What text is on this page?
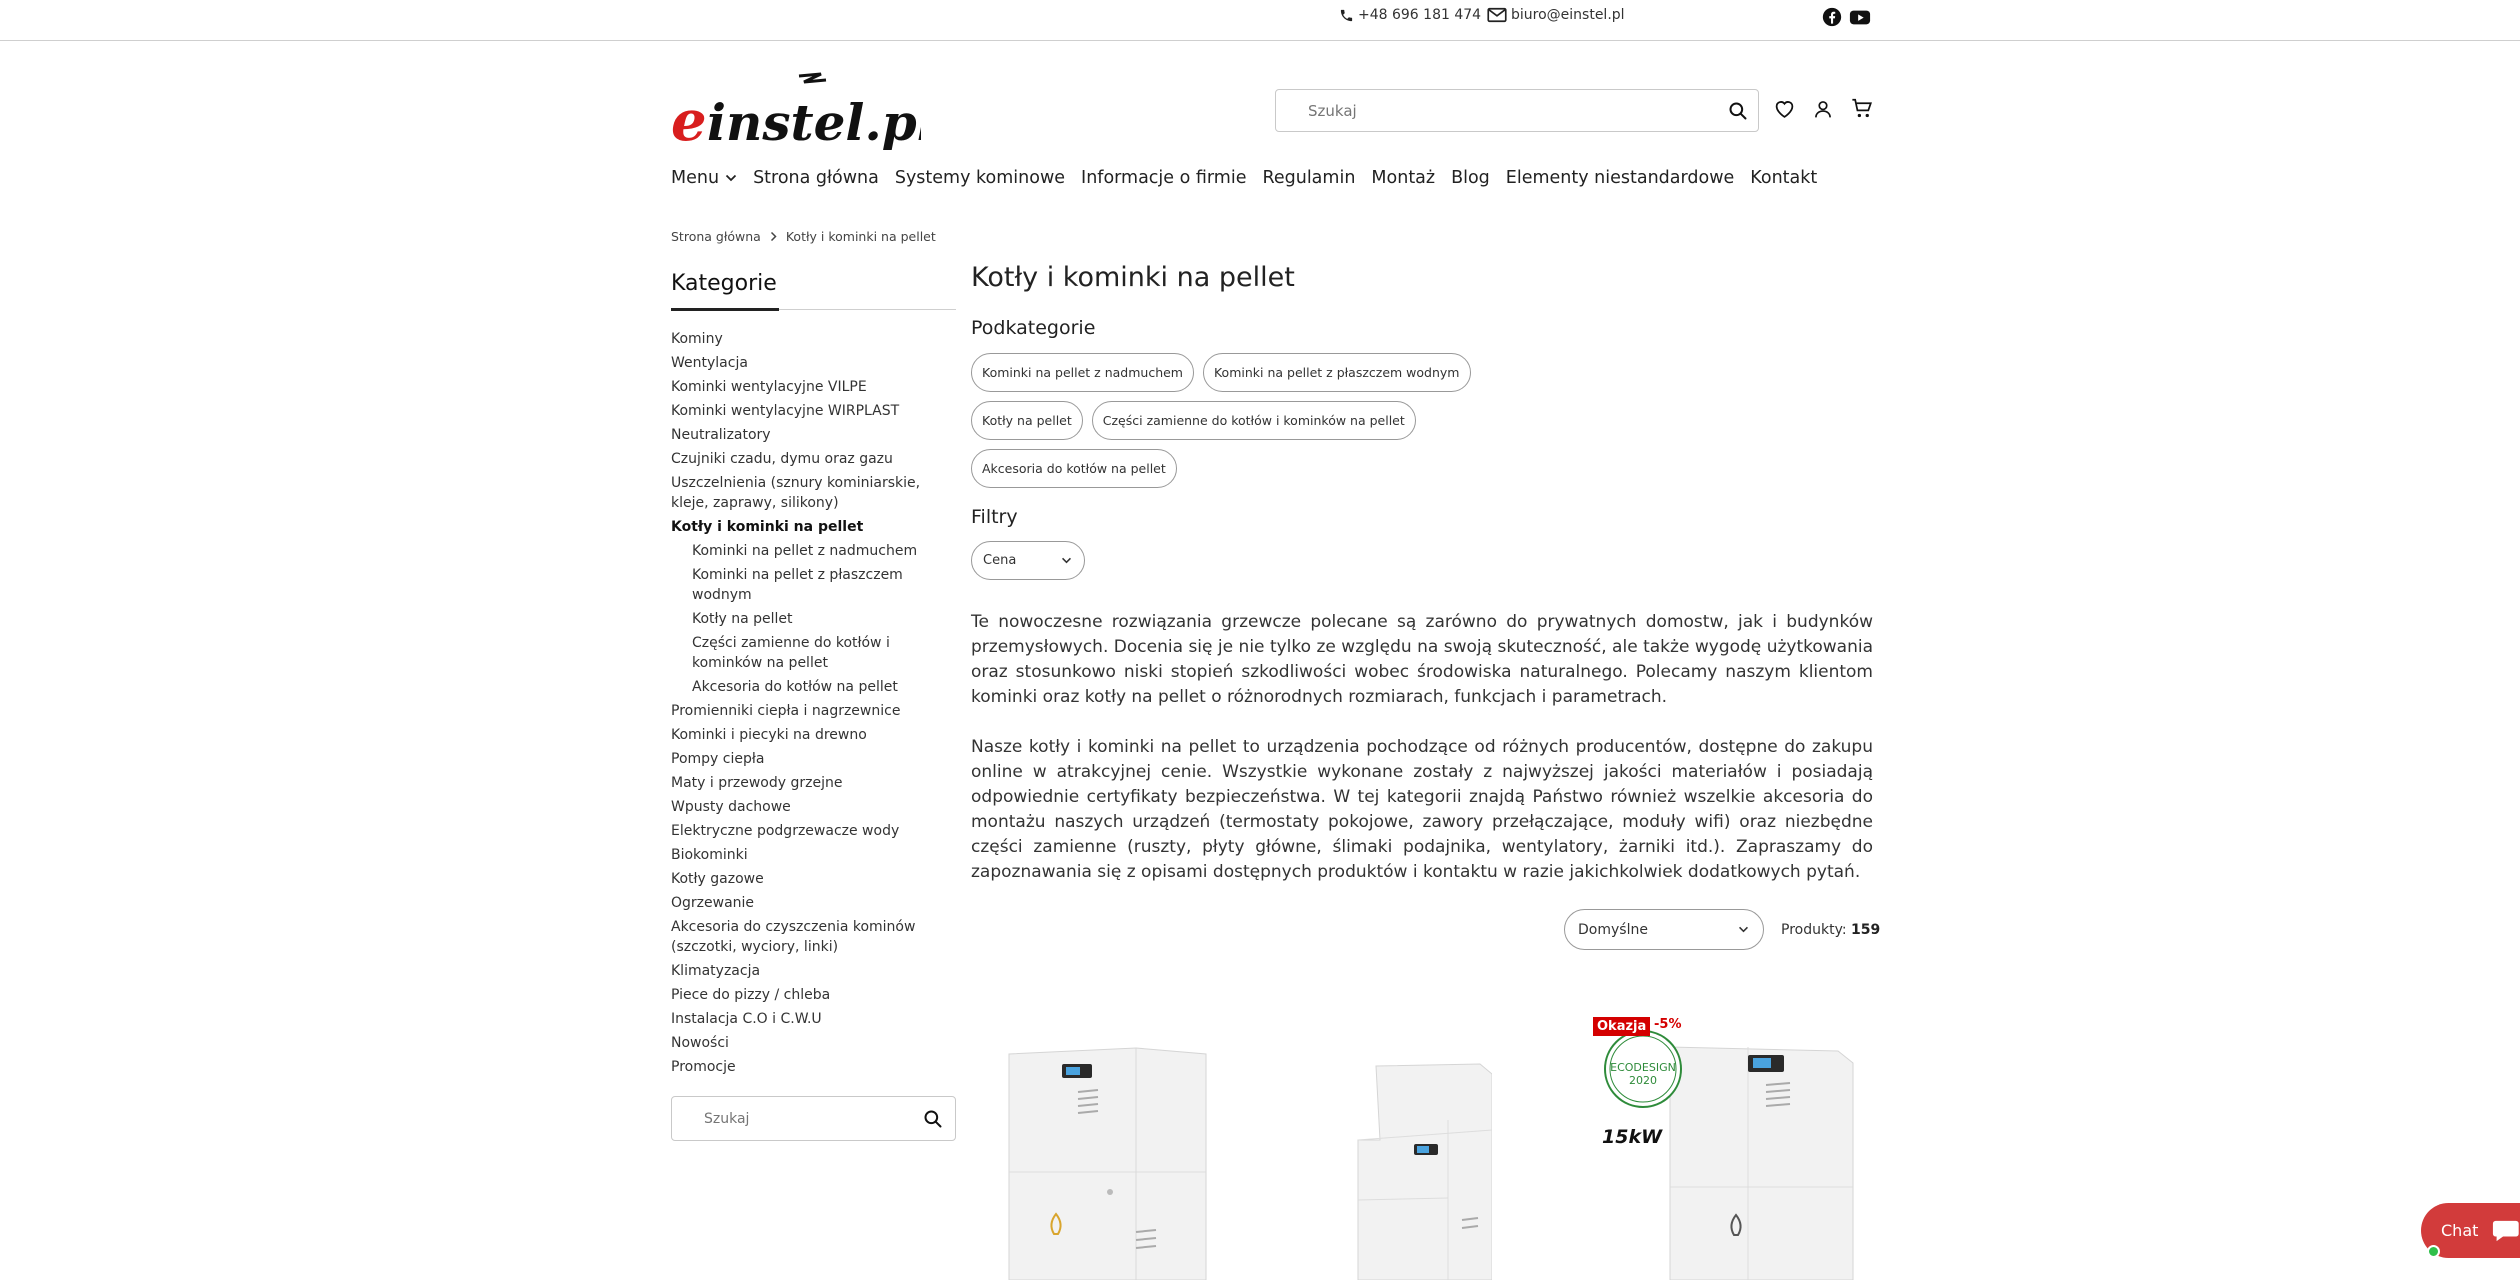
+48 696 181 474 biuro@einstel.pl
e instel.pl
Szukaj
Menu Strona główna Systemy kominowe Informacje o firmie Regulamin Montaż Blog Elementy niestandardowe Kontakt
Strona główna Kotły i kominki na pellet
Kategorie
Kominy
Wentylacja
Kominki wentylacyjne VILPE
Kominki wentylacyjne WIRPLAST
Neutralizatory
Czujniki czadu, dymu oraz gazu
Uszczelnienia (sznury kominiarskie, kleje, zaprawy, silikony)
Kotły i kominki na pellet
Kominki na pellet z nadmuchem
Kominki na pellet z płaszczem wodnym
Kotły na pellet
Części zamienne do kotłów i kominków na pellet
Akcesoria do kotłów na pellet
Promienniki ciepła i nagrzewnice
Kominki i piecyki na drewno
Pompy ciepła
Maty i przewody grzejne
Wpusty dachowe
Elektryczne podgrzewacze wody
Biokominki
Kotły gazowe
Ogrzewanie
Akcesoria do czyszczenia kominów (szczotki, wyciory, linki)
Klimatyzacja
Piece do pizzy / chleba
Instalacja C.O i C.W.U
Nowości
Promocje
Szukaj
Kotły i kominki na pellet
Podkategorie
Kominki na pellet z nadmuchem	Kominki na pellet z płaszczem wodnym
Kotły na pellet	Części zamienne do kotłów i kominków na pellet
Akcesoria do kotłów na pellet
Filtry
Cena

Te nowoczesne rozwiązania grzewcze polecane są zarówno do prywatnych domostw, jak i budynków przemysłowych. Docenia się je nie tylko ze względu na swoją skuteczność, ale także wygodę użytkowania oraz stosunkowo niski stopień szkodliwości wobec środowiska naturalnego. Polecamy naszym klientom kominki oraz kotły na pellet o różnorodnych rozmiarach, funkcjach i parametrach.

Nasze kotły i kominki na pellet to urządzenia pochodzące od różnych producentów, dostępne do zakupu online w atrakcyjnej cenie. Wszystkie wykonane zostały z najwyższej jakości materiałów i posiadają odpowiednie certyfikaty bezpieczeństwa. W tej kategorii znajdą Państwo również wszelkie akcesoria do montażu naszych urządzeń (termostaty pokojowe, zawory przełączające, moduły wifi) oraz niezbędne części zamienne (ruszty, płyty główne, ślimaki podajnika, wentylatory, żarniki itd.). Zapraszamy do zapoznawania się z opisami dostępnych produktów i kontaktu w razie jakichkolwiek dodatkowych pytań.

Domyślne	Produkty: 159
ECODESIGN
2020
15kW
Okazja -5%
Chat
